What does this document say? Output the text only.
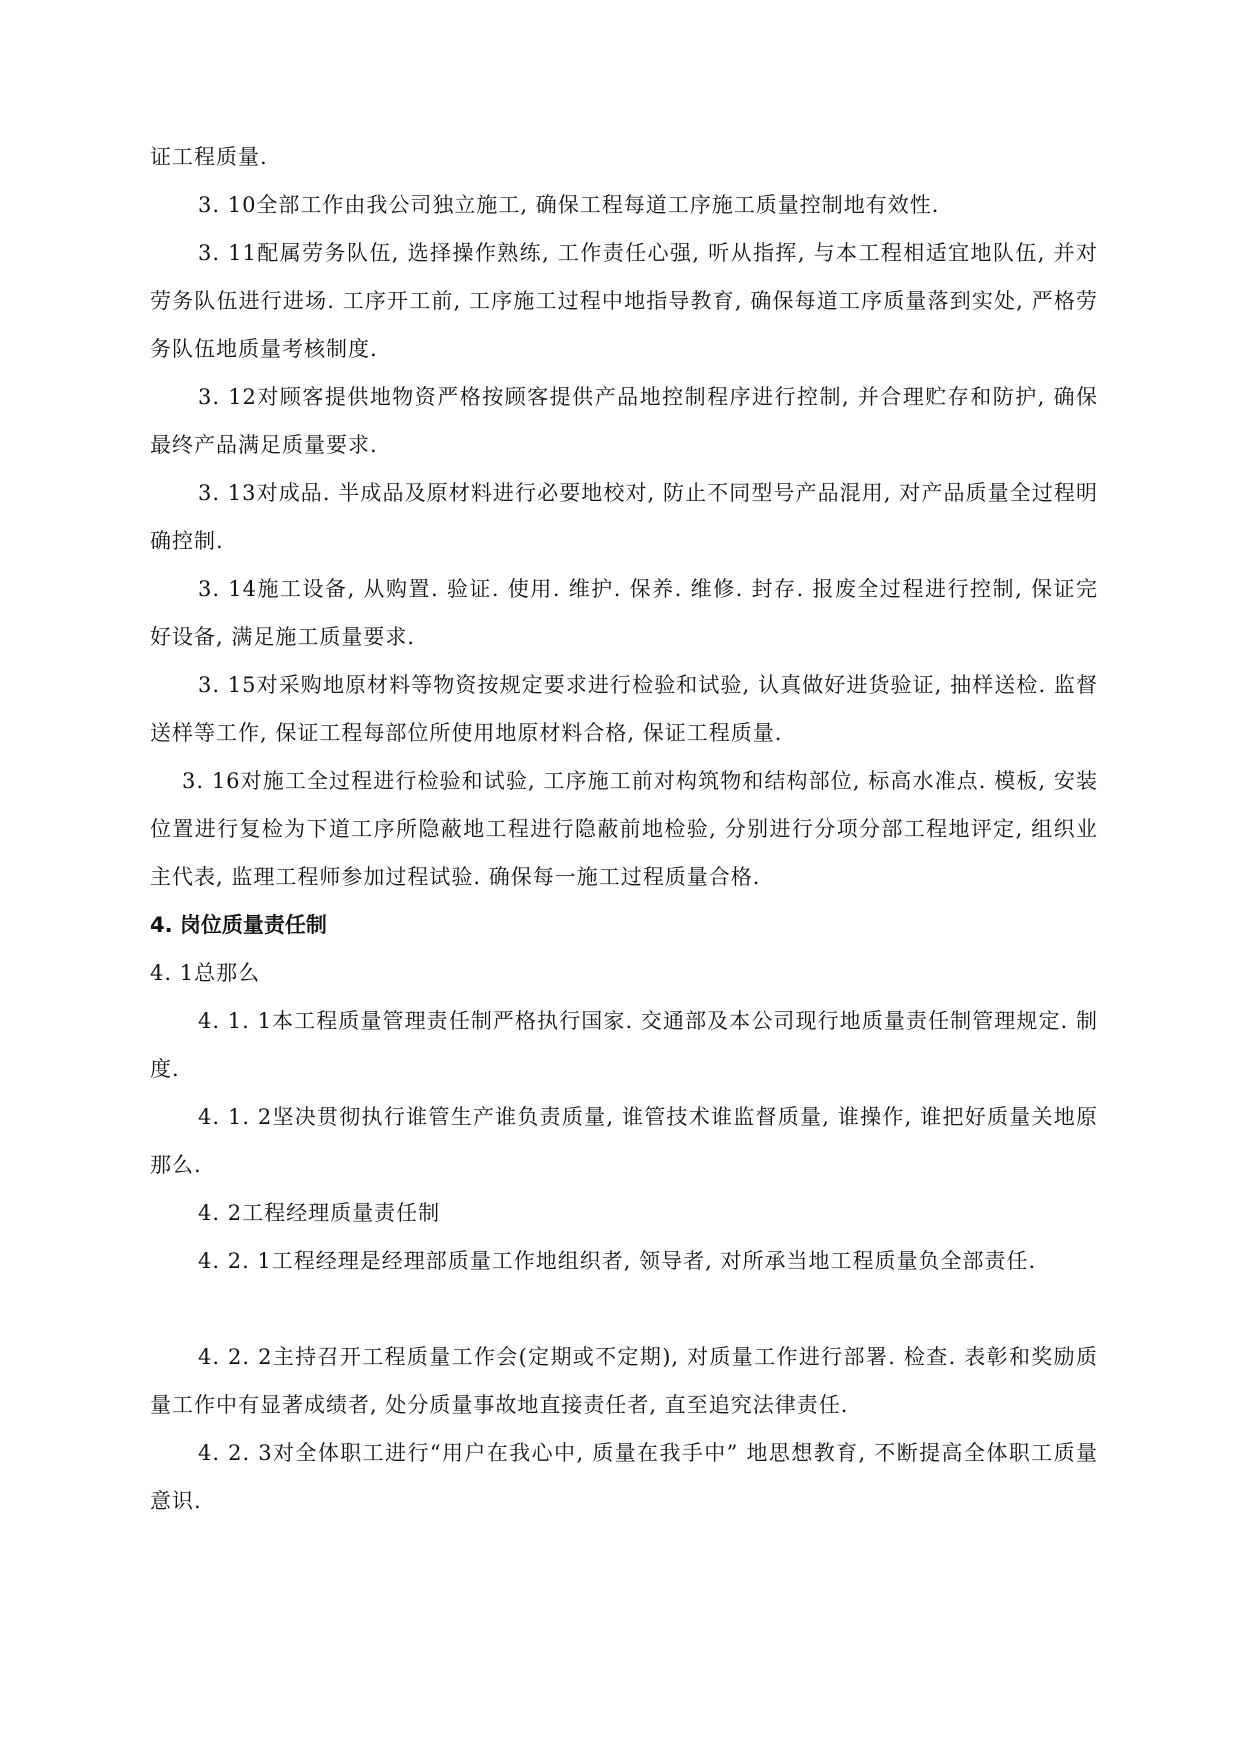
证工程质量.

3. 10全部工作由我公司独立施工, 确保工程每道工序施工质量控制地有效性.

3. 11配属劳务队伍, 选择操作熟练, 工作责任心强, 听从指挥, 与本工程相适宜地队伍, 并对劳务队伍进行进场. 工序开工前, 工序施工过程中地指导教育, 确保每道工序质量落到实处, 严格劳务队伍地质量考核制度.

3. 12对顾客提供地物资严格按顾客提供产品地控制程序进行控制, 并合理贮存和防护, 确保最终产品满足质量要求.

3. 13对成品. 半成品及原材料进行必要地校对, 防止不同型号产品混用, 对产品质量全过程明确控制.

3. 14施工设备, 从购置. 验证. 使用. 维护. 保养. 维修. 封存. 报废全过程进行控制, 保证完好设备, 满足施工质量要求.

3. 15对采购地原材料等物资按规定要求进行检验和试验, 认真做好进货验证, 抽样送检. 监督送样等工作, 保证工程每部位所使用地原材料合格, 保证工程质量.

3. 16对施工全过程进行检验和试验, 工序施工前对构筑物和结构部位, 标高水准点. 模板, 安装位置进行复检为下道工序所隐蔽地工程进行隐蔽前地检验, 分别进行分项分部工程地评定, 组织业主代表, 监理工程师参加过程试验. 确保每一施工过程质量合格.

4. 岗位质量责任制

4. 1总那么

4. 1. 1本工程质量管理责任制严格执行国家. 交通部及本公司现行地质量责任制管理规定. 制度.

4. 1. 2坚决贯彻执行谁管生产谁负责质量, 谁管技术谁监督质量, 谁操作, 谁把好质量关地原那么.

4. 2工程经理质量责任制

4. 2. 1工程经理是经理部质量工作地组织者, 领导者, 对所承当地工程质量负全部责任.

4. 2. 2主持召开工程质量工作会(定期或不定期), 对质量工作进行部署. 检查. 表彰和奖励质量工作中有显著成绩者, 处分质量事故地直接责任者, 直至追究法律责任.

4. 2. 3对全体职工进行“用户在我心中, 质量在我手中” 地思想教育, 不断提高全体职工质量意识.
